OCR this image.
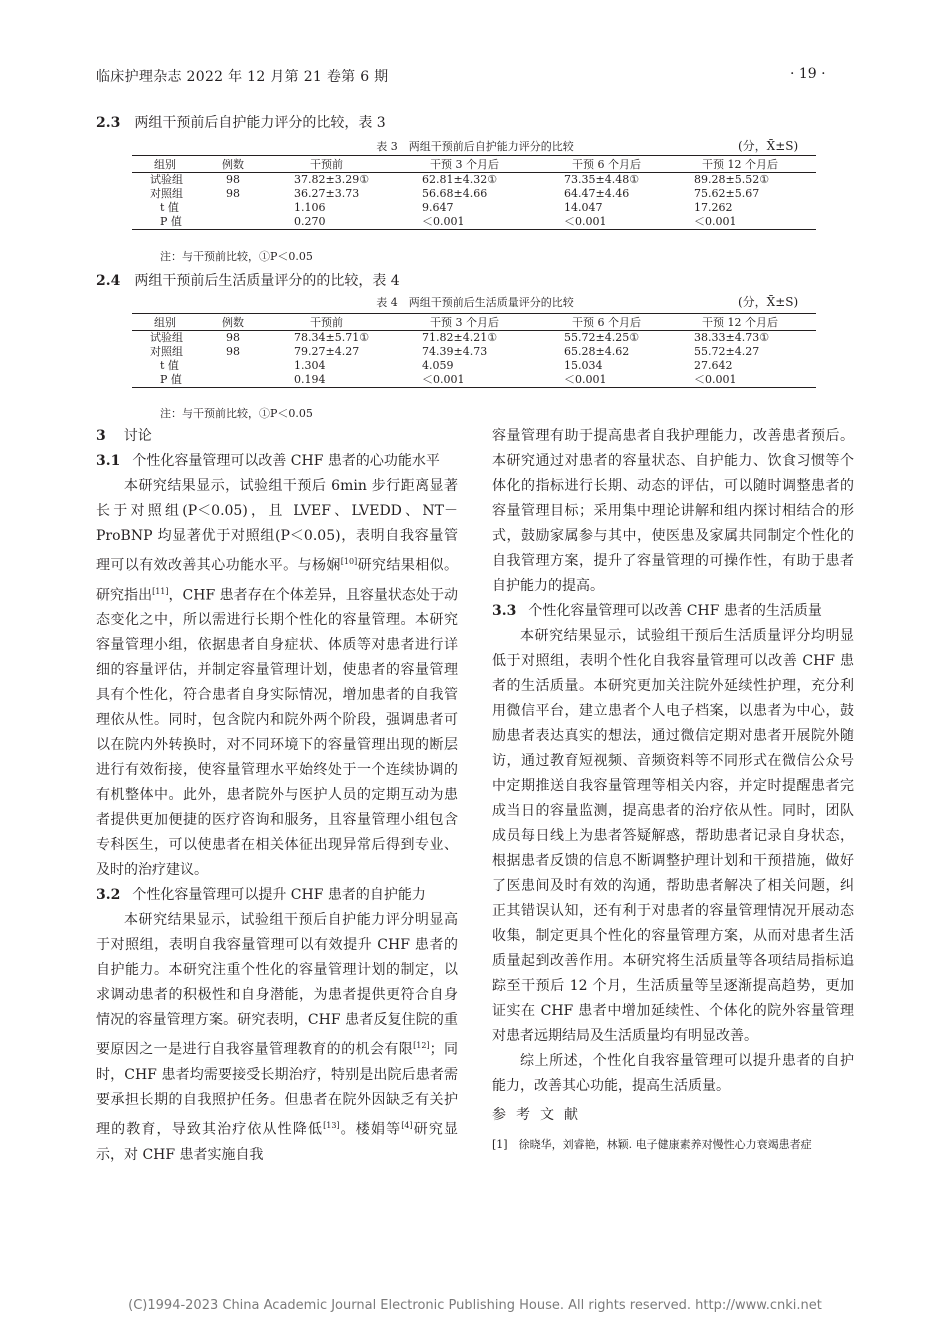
临床护理杂志 2022 年 12 月第 21 卷第 6 期	· 19 ·
2.3 两组干预前后自护能力评分的比较，表 3
表 3　两组干预前后自护能力评分的比较	(分，X̄±S)
组别	例数	干预前	干预 3 个月后	干预 6 个月后	干预 12 个月后
试验组	98	37.82±3.29①	62.81±4.32①	73.35±4.48①	89.28±5.52①
对照组	98	36.27±3.73	56.68±4.66	64.47±4.46	75.62±5.67
t 值		1.106	9.647	14.047	17.262
P 值		0.270	＜0.001	＜0.001	＜0.001
注：与干预前比较，①P＜0.05
2.4 两组干预前后生活质量评分的的比较，表 4
表 4　两组干预前后生活质量评分的比较	(分，X̄±S)
组别	例数	干预前	干预 3 个月后	干预 6 个月后	干预 12 个月后
试验组	98	78.34±5.71①	71.82±4.21①	55.72±4.25①	38.33±4.73①
对照组	98	79.27±4.27	74.39±4.73	65.28±4.62	55.72±4.27
t 值		1.304	4.059	15.034	27.642
P 值		0.194	＜0.001	＜0.001	＜0.001
注：与干预前比较，①P＜0.05
3 讨论
3.1 个性化容量管理可以改善 CHF 患者的心功能水平

本研究结果显示，试验组干预后 6min 步行距离显著长于对照组(P＜0.05)，且 LVEF、LVEDD、NT－ProBNP 均显著优于对照组(P＜0.05)，表明自我容量管理可以有效改善其心功能水平。与杨娴[10]研究结果相似。研究指出[11]，CHF 患者存在个体差异，且容量状态处于动态变化之中，所以需进行长期个性化的容量管理。本研究容量管理小组，依据患者自身症状、体质等对患者进行详细的容量评估，并制定容量管理计划，使患者的容量管理具有个性化，符合患者自身实际情况，增加患者的自我管理依从性。同时，包含院内和院外两个阶段，强调患者可以在院内外转换时，对不同环境下的容量管理出现的断层进行有效衔接，使容量管理水平始终处于一个连续协调的有机整体中。此外，患者院外与医护人员的定期互动为患者提供更加便捷的医疗咨询和服务，且容量管理小组包含专科医生，可以使患者在相关体征出现异常后得到专业、及时的治疗建议。

3.2 个性化容量管理可以提升 CHF 患者的自护能力

本研究结果显示，试验组干预后自护能力评分明显高于对照组，表明自我容量管理可以有效提升 CHF 患者的自护能力。本研究注重个性化的容量管理计划的制定，以求调动患者的积极性和自身潜能，为患者提供更符合自身情况的容量管理方案。研究表明，CHF 患者反复住院的重要原因之一是进行自我容量管理教育的的机会有限[12]；同时，CHF 患者均需要接受长期治疗，特别是出院后患者需要承担长期的自我照护任务。但患者在院外因缺乏有关护理的教育，导致其治疗依从性降低[13]。楼娟等[4]研究显示，对 CHF 患者实施自我

容量管理有助于提高患者自我护理能力，改善患者预后。本研究通过对患者的容量状态、自护能力、饮食习惯等个体化的指标进行长期、动态的评估，可以随时调整患者的容量管理目标；采用集中理论讲解和组内探讨相结合的形式，鼓励家属参与其中，使医患及家属共同制定个性化的自我管理方案，提升了容量管理的可操作性，有助于患者自护能力的提高。

3.3 个性化容量管理可以改善 CHF 患者的生活质量

本研究结果显示，试验组干预后生活质量评分均明显低于对照组，表明个性化自我容量管理可以改善 CHF 患者的生活质量。本研究更加关注院外延续性护理，充分利用微信平台，建立患者个人电子档案，以患者为中心，鼓励患者表达真实的想法，通过微信定期对患者开展院外随访，通过教育短视频、音频资料等不同形式在微信公众号中定期推送自我容量管理等相关内容，并定时提醒患者完成当日的容量监测，提高患者的治疗依从性。同时，团队成员每日线上为患者答疑解惑，帮助患者记录自身状态，根据患者反馈的信息不断调整护理计划和干预措施，做好了医患间及时有效的沟通，帮助患者解决了相关问题，纠正其错误认知，还有利于对患者的容量管理情况开展动态收集，制定更具个性化的容量管理方案，从而对患者生活质量起到改善作用。本研究将生活质量等各项结局指标追踪至干预后 12 个月，生活质量等呈逐渐提高趋势，更加证实在 CHF 患者中增加延续性、个体化的院外容量管理对患者远期结局及生活质量均有明显改善。

综上所述，个性化自我容量管理可以提升患者的自护能力，改善其心功能，提高生活质量。

参考文献

[1]　徐晓华，刘睿艳，林颖. 电子健康素养对慢性心力衰竭患者症

(C)1994-2023 China Academic Journal Electronic Publishing House. All rights reserved. http://www.cnki.net
